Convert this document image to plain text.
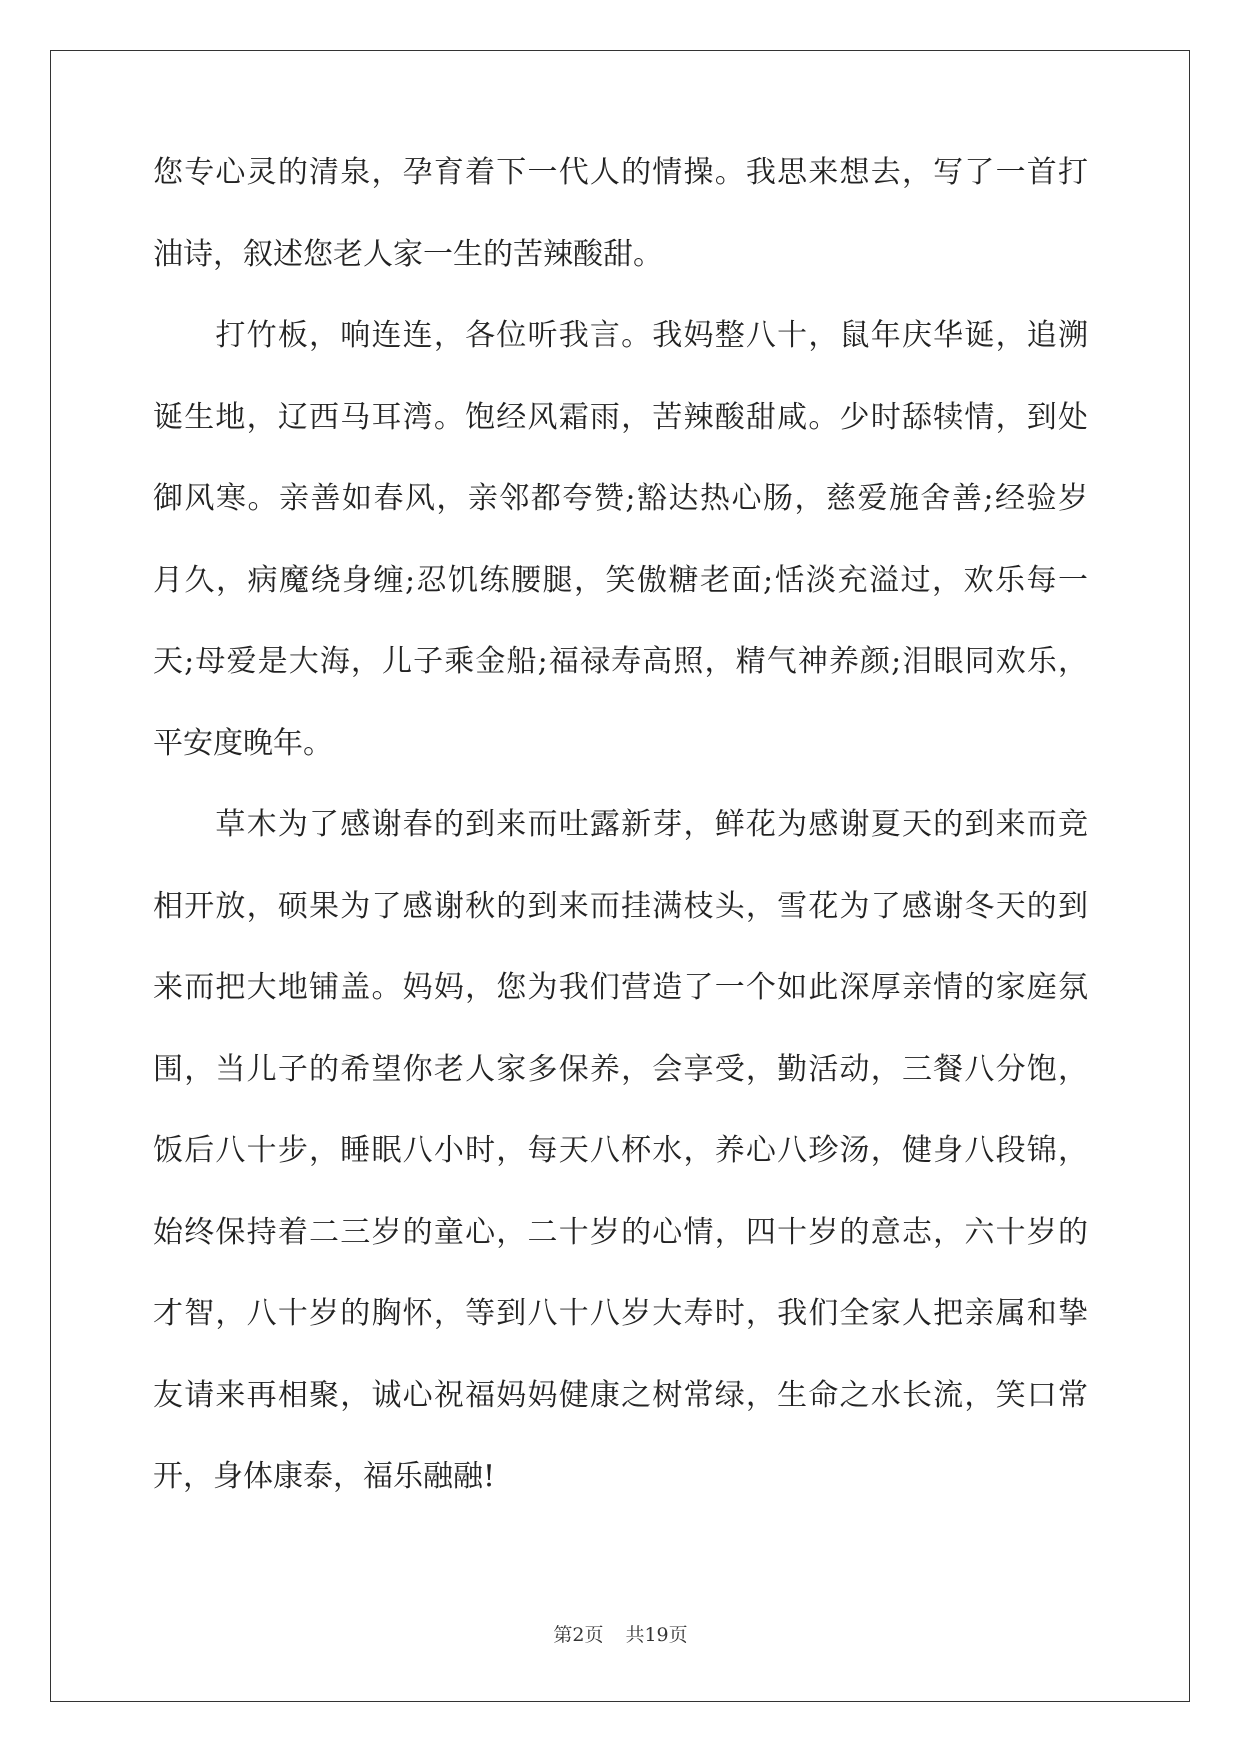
您专心灵的清泉，孕育着下一代人的情操。我思来想去，写了一首打
油诗，叙述您老人家一生的苦辣酸甜。

　　打竹板，响连连，各位听我言。我妈整八十，鼠年庆华诞，追溯
诞生地，辽西马耳湾。饱经风霜雨，苦辣酸甜咸。少时舔犊情，到处
御风寒。亲善如春风，亲邻都夸赞;豁达热心肠，慈爱施舍善;经验岁
月久，病魔绕身缠;忍饥练腰腿，笑傲糖老面;恬淡充溢过，欢乐每一
天;母爱是大海，儿子乘金船;福禄寿高照，精气神养颜;泪眼同欢乐，
平安度晚年。

　　草木为了感谢春的到来而吐露新芽，鲜花为感谢夏天的到来而竞
相开放，硕果为了感谢秋的到来而挂满枝头，雪花为了感谢冬天的到
来而把大地铺盖。妈妈，您为我们营造了一个如此深厚亲情的家庭氛
围，当儿子的希望你老人家多保养，会享受，勤活动，三餐八分饱，
饭后八十步，睡眠八小时，每天八杯水，养心八珍汤，健身八段锦，
始终保持着二三岁的童心，二十岁的心情，四十岁的意志，六十岁的
才智，八十岁的胸怀，等到八十八岁大寿时，我们全家人把亲属和挚
友请来再相聚，诚心祝福妈妈健康之树常绿，生命之水长流，笑口常
开，身体康泰，福乐融融!

第2页 共19页
